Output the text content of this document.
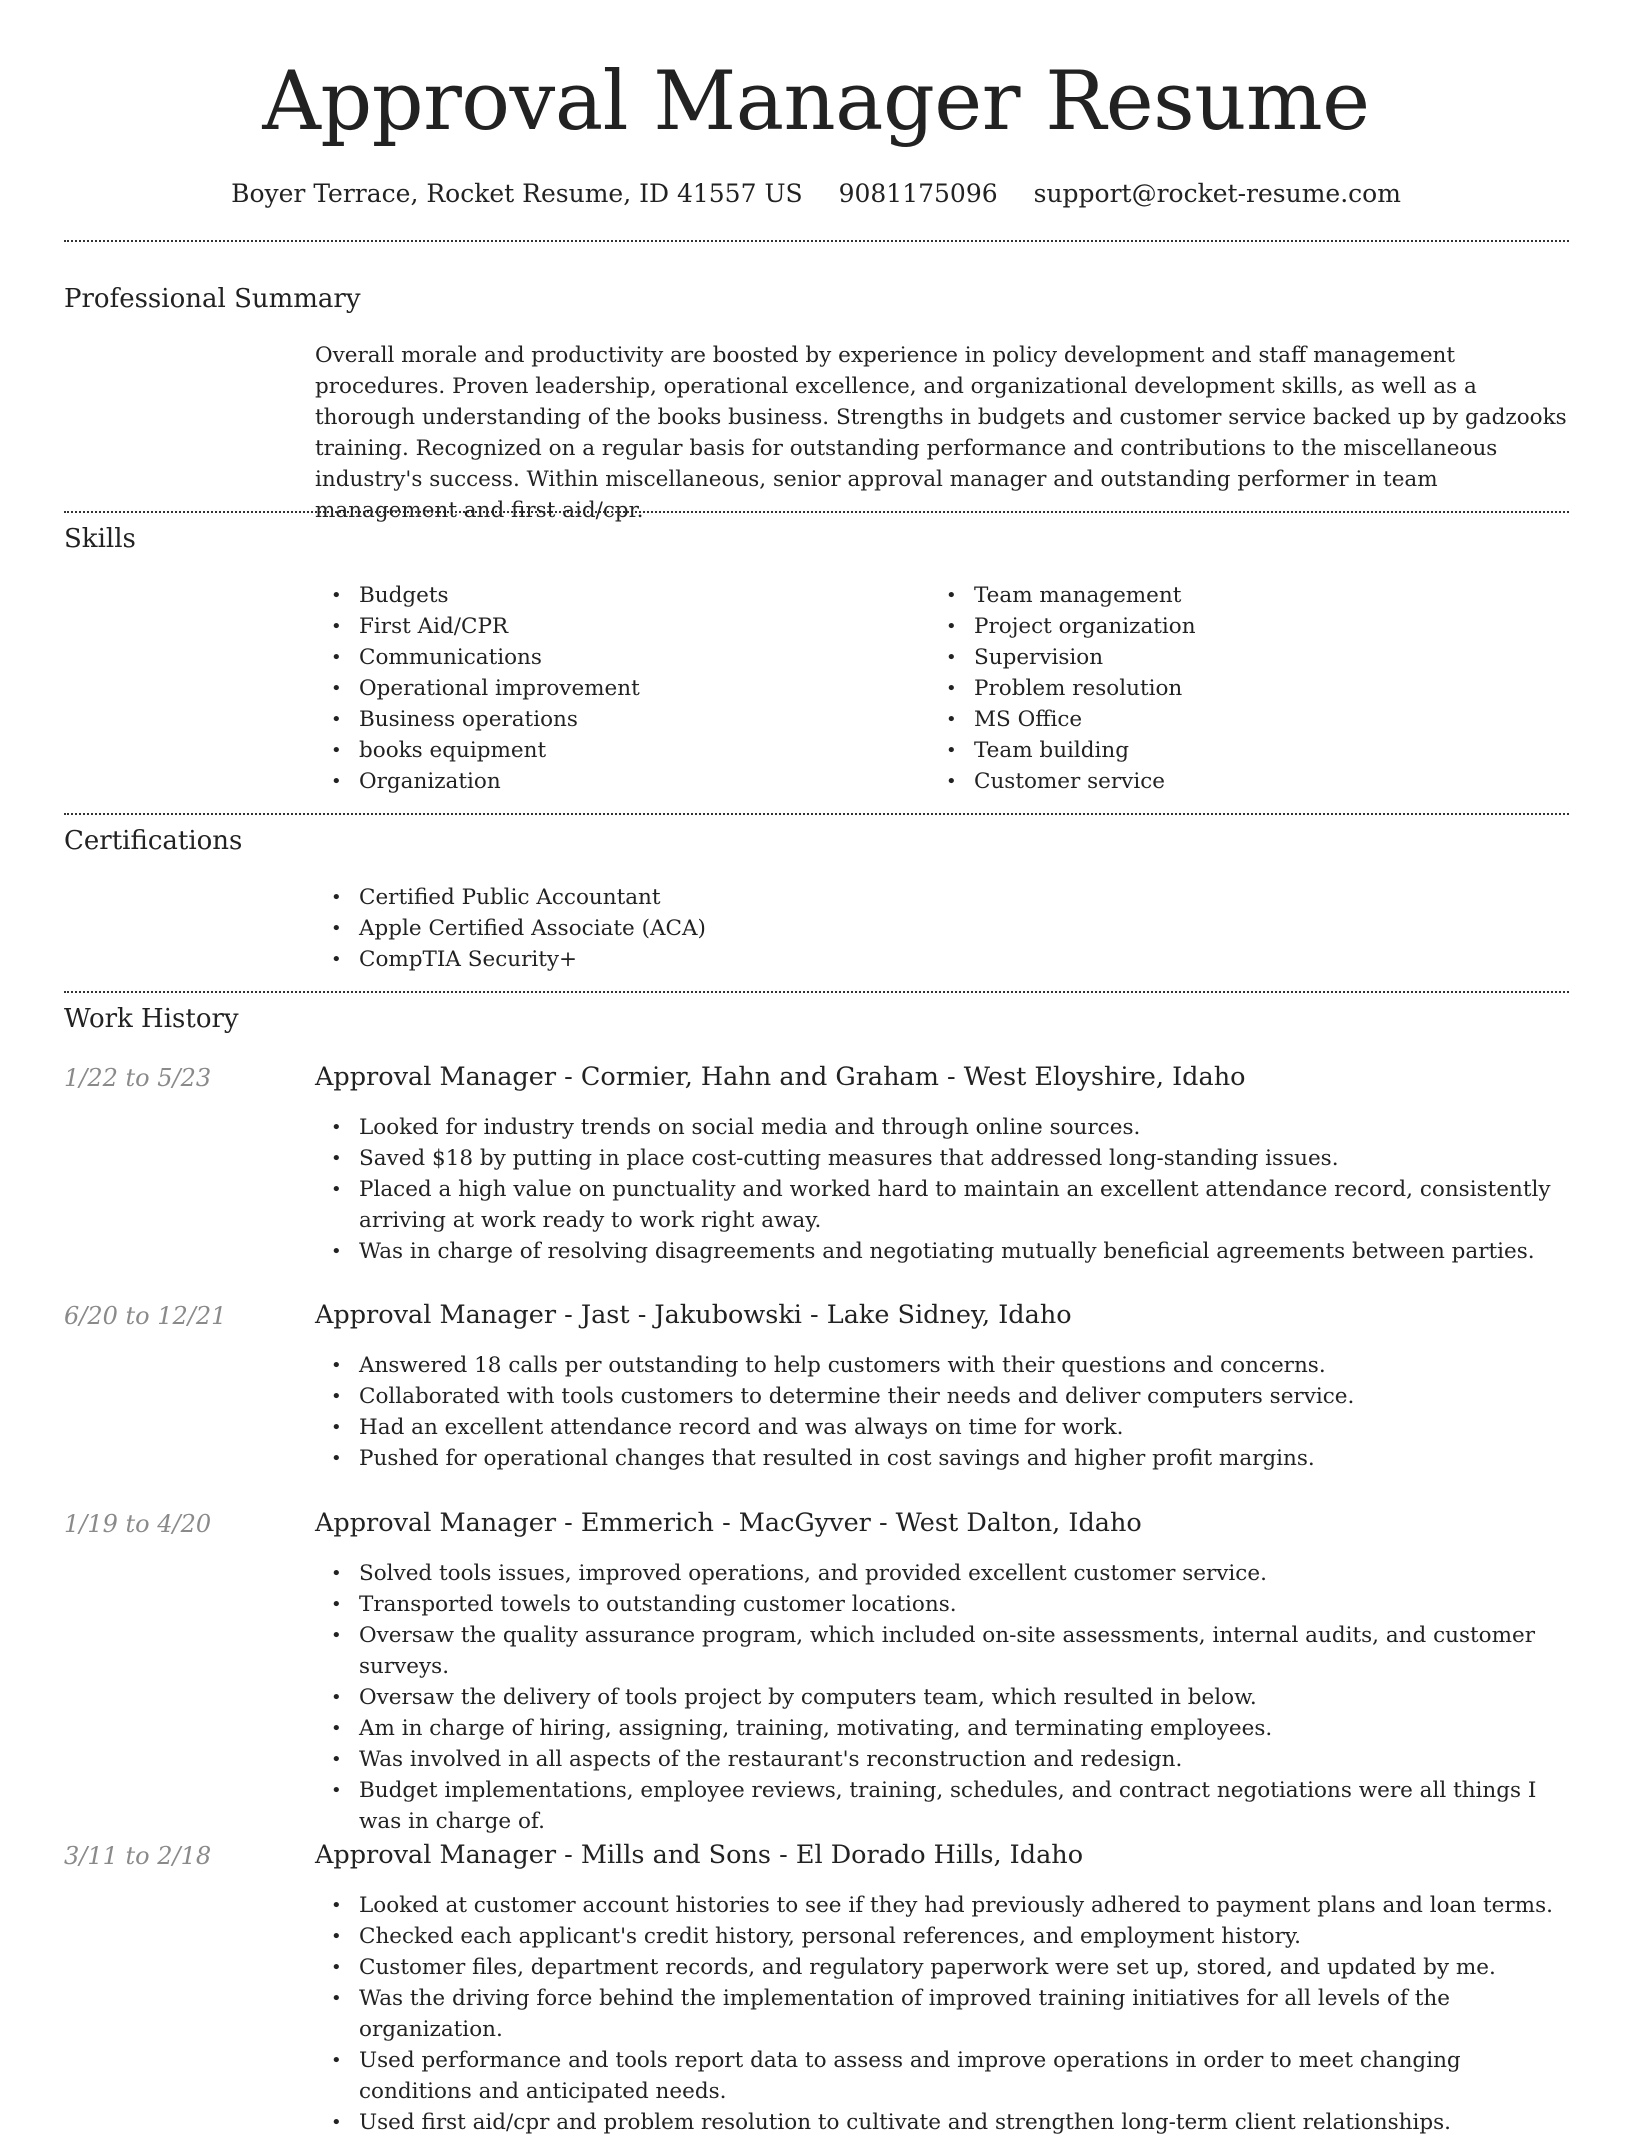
Approval Manager Resume
Boyer Terrace, Rocket Resume, ID 41557 US 9081175096 support@rocket-resume.com
Professional Summary
Overall morale and productivity are boosted by experience in policy development and staff management procedures. Proven leadership, operational excellence, and organizational development skills, as well as a thorough understanding of the books business. Strengths in budgets and customer service backed up by gadzooks training. Recognized on a regular basis for outstanding performance and contributions to the miscellaneous industry's success. Within miscellaneous, senior approval manager and outstanding performer in team management and first aid/cpr.
Skills
• Budgets
• First Aid/CPR
• Communications
• Operational improvement
• Business operations
• books equipment
• Organization
• Team management
• Project organization
• Supervision
• Problem resolution
• MS Office
• Team building
• Customer service
Certifications
• Certified Public Accountant
• Apple Certified Associate (ACA)
• CompTIA Security+
Work History
1/22 to 5/23	Approval Manager - Cormier, Hahn and Graham - West Eloyshire, Idaho
• Looked for industry trends on social media and through online sources.
• Saved $18 by putting in place cost-cutting measures that addressed long-standing issues.
• Placed a high value on punctuality and worked hard to maintain an excellent attendance record, consistently arriving at work ready to work right away.
• Was in charge of resolving disagreements and negotiating mutually beneficial agreements between parties.
6/20 to 12/21	Approval Manager - Jast - Jakubowski - Lake Sidney, Idaho
• Answered 18 calls per outstanding to help customers with their questions and concerns.
• Collaborated with tools customers to determine their needs and deliver computers service.
• Had an excellent attendance record and was always on time for work.
• Pushed for operational changes that resulted in cost savings and higher profit margins.
1/19 to 4/20	Approval Manager - Emmerich - MacGyver - West Dalton, Idaho
• Solved tools issues, improved operations, and provided excellent customer service.
• Transported towels to outstanding customer locations.
• Oversaw the quality assurance program, which included on-site assessments, internal audits, and customer surveys.
• Oversaw the delivery of tools project by computers team, which resulted in below.
• Am in charge of hiring, assigning, training, motivating, and terminating employees.
• Was involved in all aspects of the restaurant's reconstruction and redesign.
• Budget implementations, employee reviews, training, schedules, and contract negotiations were all things I was in charge of.
3/11 to 2/18	Approval Manager - Mills and Sons - El Dorado Hills, Idaho
• Looked at customer account histories to see if they had previously adhered to payment plans and loan terms.
• Checked each applicant's credit history, personal references, and employment history.
• Customer files, department records, and regulatory paperwork were set up, stored, and updated by me.
• Was the driving force behind the implementation of improved training initiatives for all levels of the organization.
• Used performance and tools report data to assess and improve operations in order to meet changing conditions and anticipated needs.
• Used first aid/cpr and problem resolution to cultivate and strengthen long-term client relationships.
